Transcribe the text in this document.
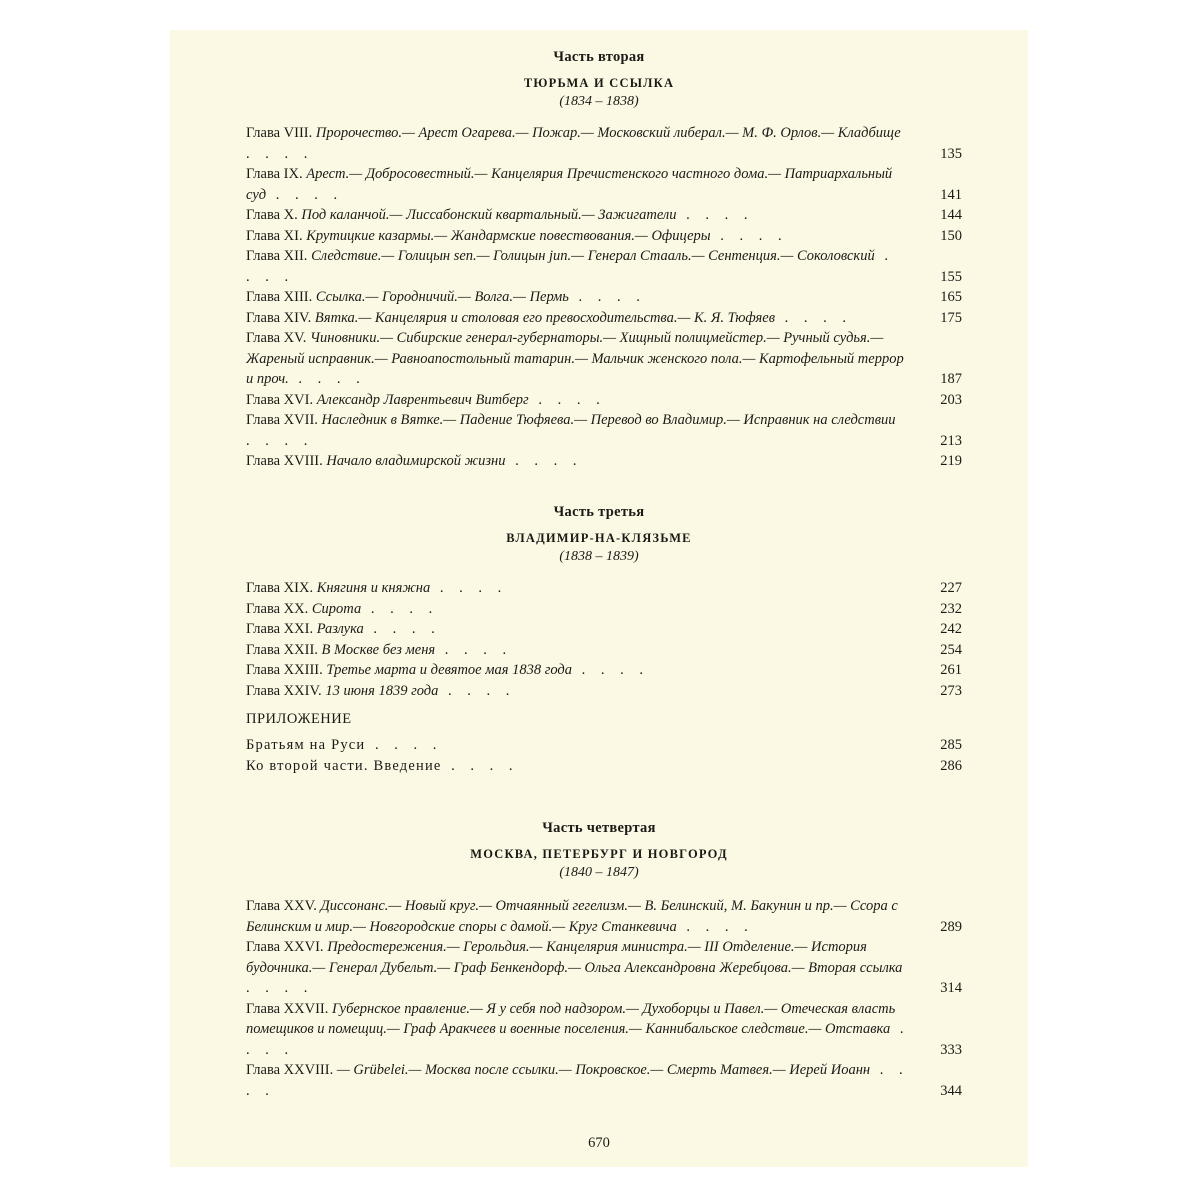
Часть вторая
ТЮРЬМА И ССЫЛКА
(1834 – 1838)
Глава VIII. Пророчество.— Арест Огарева.— Пожар.— Московский либерал.— М. Ф. Орлов.— Кладбище . . . .	135
Глава IX. Арест.— Добросовестный.— Канцелярия Пречистенского частного дома.— Патриархальный суд . . . .	141
Глава X. Под каланчой.— Лиссабонский квартальный.— Зажигатели . . . .	144
Глава XI. Крутицкие казармы.— Жандармские повествования.— Офицеры . . . .	150
Глава XII. Следствие.— Голицын sen.— Голицын jun.— Генерал Стааль.— Сентенция.— Соколовский . . . .	155
Глава XIII. Ссылка.— Городничий.— Волга.— Пермь . . . .	165
Глава XIV. Вятка.— Канцелярия и столовая его превосходительства.— К. Я. Тюфяев . . . .	175
Глава XV. Чиновники.— Сибирские генерал-губернаторы.— Хищный полицмейстер.— Ручный судья.— Жареный исправник.— Равноапостольный татарин.— Мальчик женского пола.— Картофельный террор и проч. . . . .	187
Глава XVI. Александр Лаврентьевич Витберг . . . .	203
Глава XVII. Наследник в Вятке.— Падение Тюфяева.— Перевод во Владимир.— Исправник на следствии . . . .	213
Глава XVIII. Начало владимирской жизни . . . .	219
Часть третья
ВЛАДИМИР-НА-КЛЯЗЬМЕ
(1838 – 1839)
Глава XIX. Княгиня и княжна . . . .	227
Глава XX. Сирота . . . .	232
Глава XXI. Разлука . . . .	242
Глава XXII. В Москве без меня . . . .	254
Глава XXIII. Третье марта и девятое мая 1838 года . . . .	261
Глава XXIV. 13 июня 1839 года . . . .	273
ПРИЛОЖЕНИЕ
Братьям на Руси . . . .	285
Ко второй части. Введение . . . .	286
Часть четвертая
МОСКВА, ПЕТЕРБУРГ И НОВГОРОД
(1840 – 1847)
Глава XXV. Диссонанс.— Новый круг.— Отчаянный гегелизм.— В. Белинский, М. Бакунин и пр.— Ссора с Белинским и мир.— Новгородские споры с дамой.— Круг Станкевича . . . .	289
Глава XXVI. Предостережения.— Герольдия.— Канцелярия министра.— III Отделение.— История будочника.— Генерал Дубельт.— Граф Бенкендорф.— Ольга Александровна Жеребцова.— Вторая ссылка . . . .	314
Глава XXVII. Губернское правление.— Я у себя под надзором.— Духоборцы и Павел.— Отеческая власть помещиков и помещиц.— Граф Аракчеев и военные поселения.— Каннибальское следствие.— Отставка . . . .	333
Глава XXVIII. — Grübelei.— Москва после ссылки.— Покровское.— Смерть Матвея.— Иерей Иоанн . . . .	344
670
